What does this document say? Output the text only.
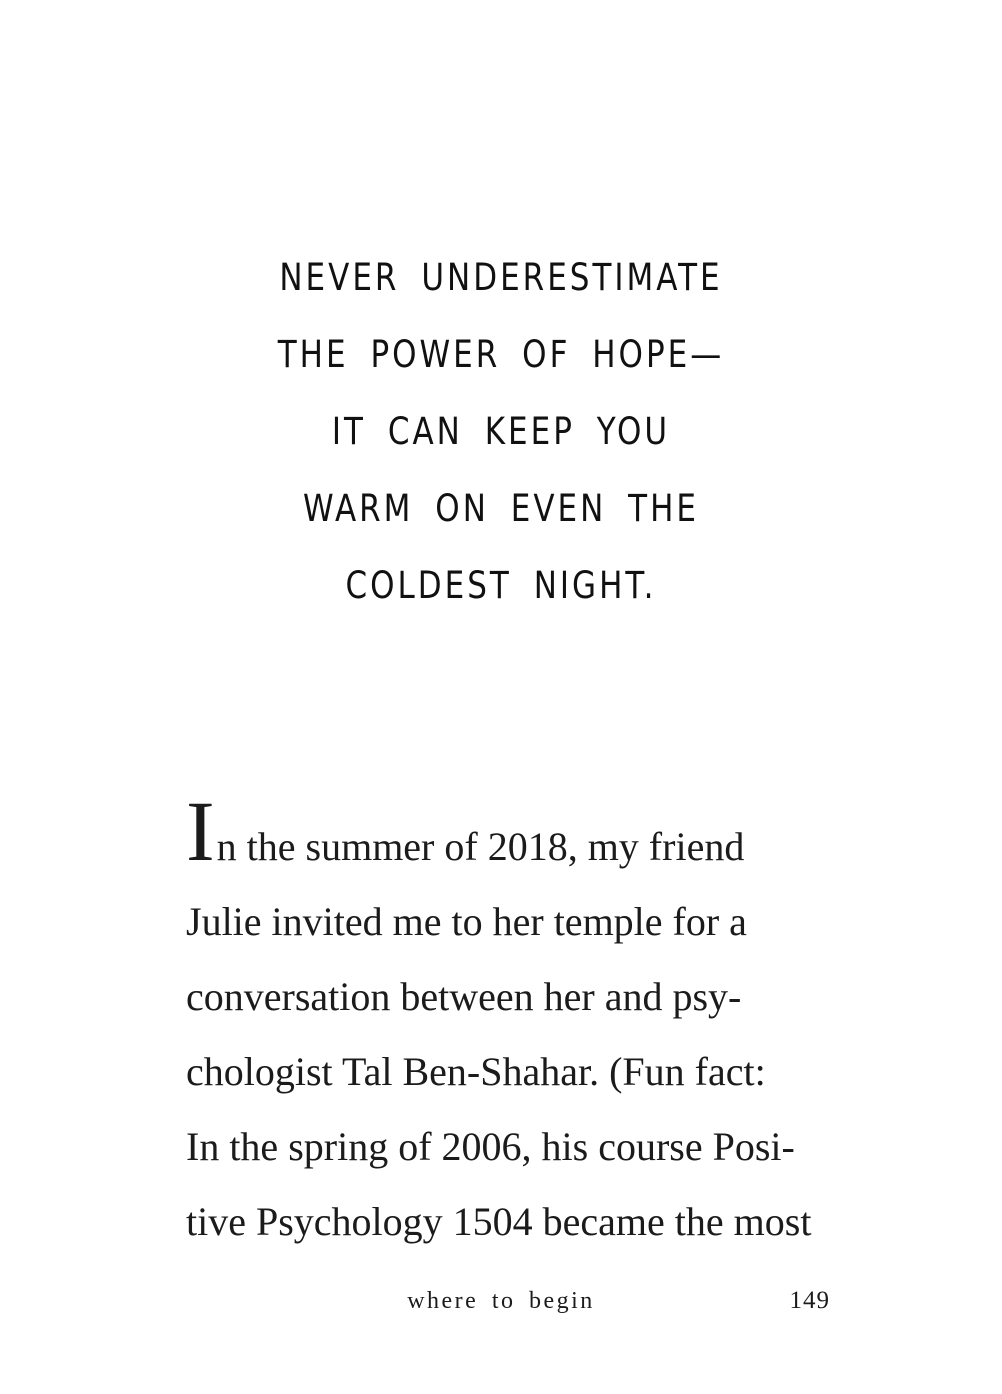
NEVER UNDERESTIMATE
THE POWER OF HOPE—
IT CAN KEEP YOU
WARM ON EVEN THE
COLDEST NIGHT.
In the summer of 2018, my friend
Julie invited me to her temple for a
conversation between her and psy-
chologist Tal Ben-Shahar. (Fun fact:
In the spring of 2006, his course Posi-
tive Psychology 1504 became the most
where to begin	149
